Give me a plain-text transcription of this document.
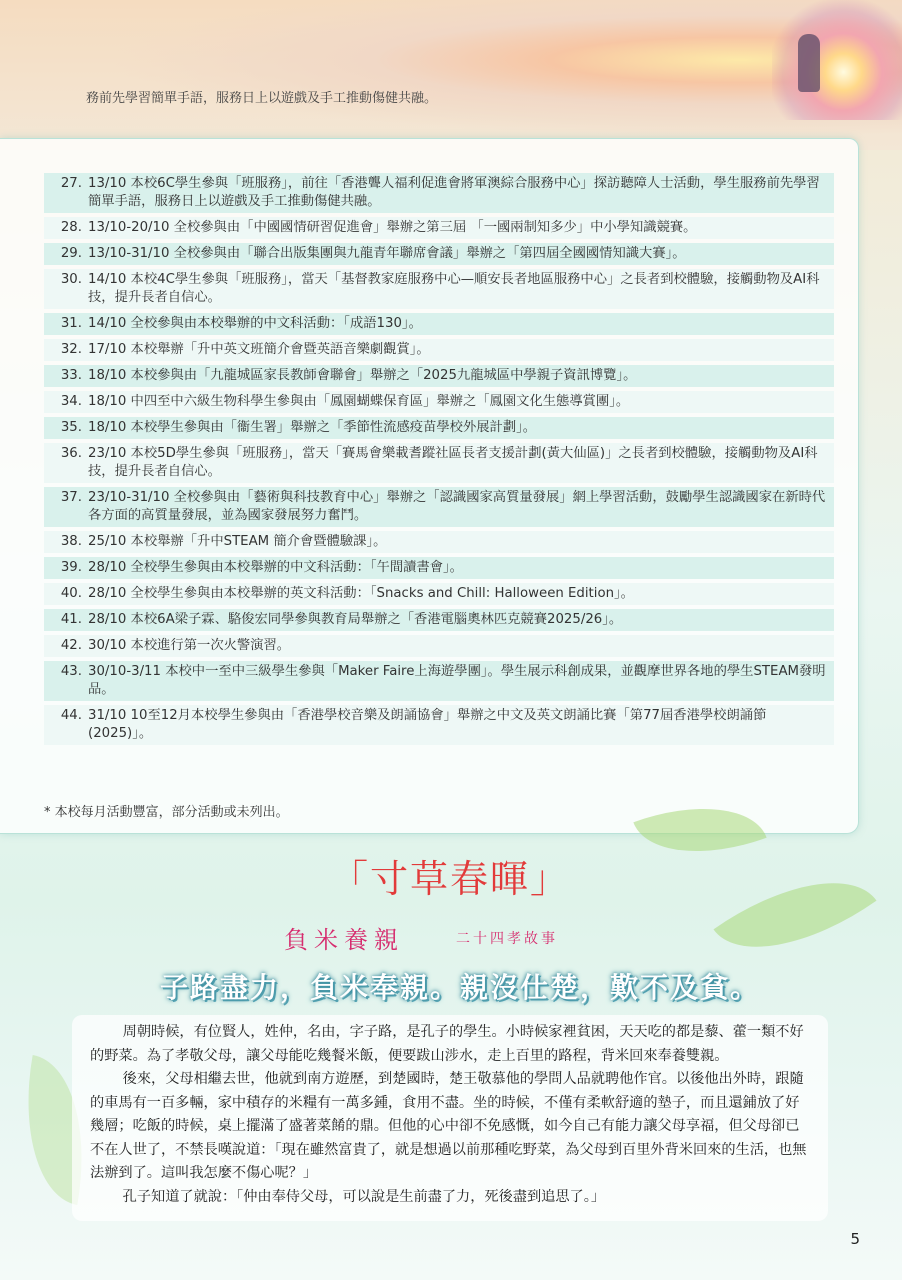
務前先學習簡單手語，服務日上以遊戲及手工推動傷健共融。
27. 13/10 本校6C學生參與「班服務」，前往「香港聾人福利促進會將軍澳綜合服務中心」探訪聽障人士活動，學生服務前先學習簡單手語，服務日上以遊戲及手工推動傷健共融。
28. 13/10-20/10 全校參與由「中國國情研習促進會」舉辦之第三屆 「一國兩制知多少」中小學知識競賽。
29. 13/10-31/10 全校參與由「聯合出版集團與九龍青年聯席會議」舉辦之「第四屆全國國情知識大賽」。
30. 14/10 本校4C學生參與「班服務」，當天「基督教家庭服務中心—順安長者地區服務中心」之長者到校體驗，接觸動物及AI科技，提升長者自信心。
31. 14/10 全校參與由本校舉辦的中文科活動：「成語130」。
32. 17/10 本校舉辦「升中英文班簡介會暨英語音樂劇觀賞」。
33. 18/10 本校參與由「九龍城區家長教師會聯會」舉辦之「2025九龍城區中學親子資訊博覽」。
34. 18/10 中四至中六級生物科學生參與由「鳳園蝴蝶保育區」舉辦之「鳳園文化生態導賞團」。
35. 18/10 本校學生參與由「衞生署」舉辦之「季節性流感疫苗學校外展計劃」。
36. 23/10 本校5D學生參與「班服務」，當天「賽馬會樂載耆蹤社區長者支援計劃(黃大仙區)」之長者到校體驗，接觸動物及AI科技，提升長者自信心。
37. 23/10-31/10 全校參與由「藝術與科技教育中心」舉辦之「認識國家高質量發展」網上學習活動，鼓勵學生認識國家在新時代各方面的高質量發展，並為國家發展努力奮鬥。
38. 25/10 本校舉辦「升中STEAM 簡介會暨體驗課」。
39. 28/10 全校學生參與由本校舉辦的中文科活動：「午間讀書會」。
40. 28/10 全校學生參與由本校舉辦的英文科活動：「Snacks and Chill: Halloween Edition」。
41. 28/10 本校6A梁子霖、駱俊宏同學參與教育局舉辦之「香港電腦奧林匹克競賽2025/26」。
42. 30/10 本校進行第一次火警演習。
43. 30/10-3/11 本校中一至中三級學生參與「Maker Faire上海遊學團」。學生展示科創成果，並觀摩世界各地的學生STEAM發明品。
44. 31/10 10至12月本校學生參與由「香港學校音樂及朗誦協會」舉辦之中文及英文朗誦比賽「第77屆香港學校朗誦節(2025)」。
* 本校每月活動豐富，部分活動或未列出。
「寸草春暉」
負米養親	二十四孝故事
子路盡力，負米奉親。親沒仕楚，歎不及貧。

周朝時候，有位賢人，姓仲，名由，字子路，是孔子的學生。小時候家裡貧困，天天吃的都是藜、藿一類不好的野菜。為了孝敬父母，讓父母能吃幾餐米飯，便要跋山涉水，走上百里的路程，背米回來奉養雙親。

後來，父母相繼去世，他就到南方遊歷，到楚國時，楚王敬慕他的學問人品就聘他作官。以後他出外時，跟隨的車馬有一百多輛，家中積存的米糧有一萬多鍾，食用不盡。坐的時候，不僅有柔軟舒適的墊子，而且還鋪放了好幾層；吃飯的時候，桌上擺滿了盛著菜餚的鼎。但他的心中卻不免感慨，如今自己有能力讓父母享福，但父母卻已不在人世了，不禁長嘆說道：「現在雖然富貴了，就是想過以前那種吃野菜，為父母到百里外背米回來的生活，也無法辦到了。這叫我怎麼不傷心呢？」

孔子知道了就說：「仲由奉侍父母，可以說是生前盡了力，死後盡到追思了。」

5
